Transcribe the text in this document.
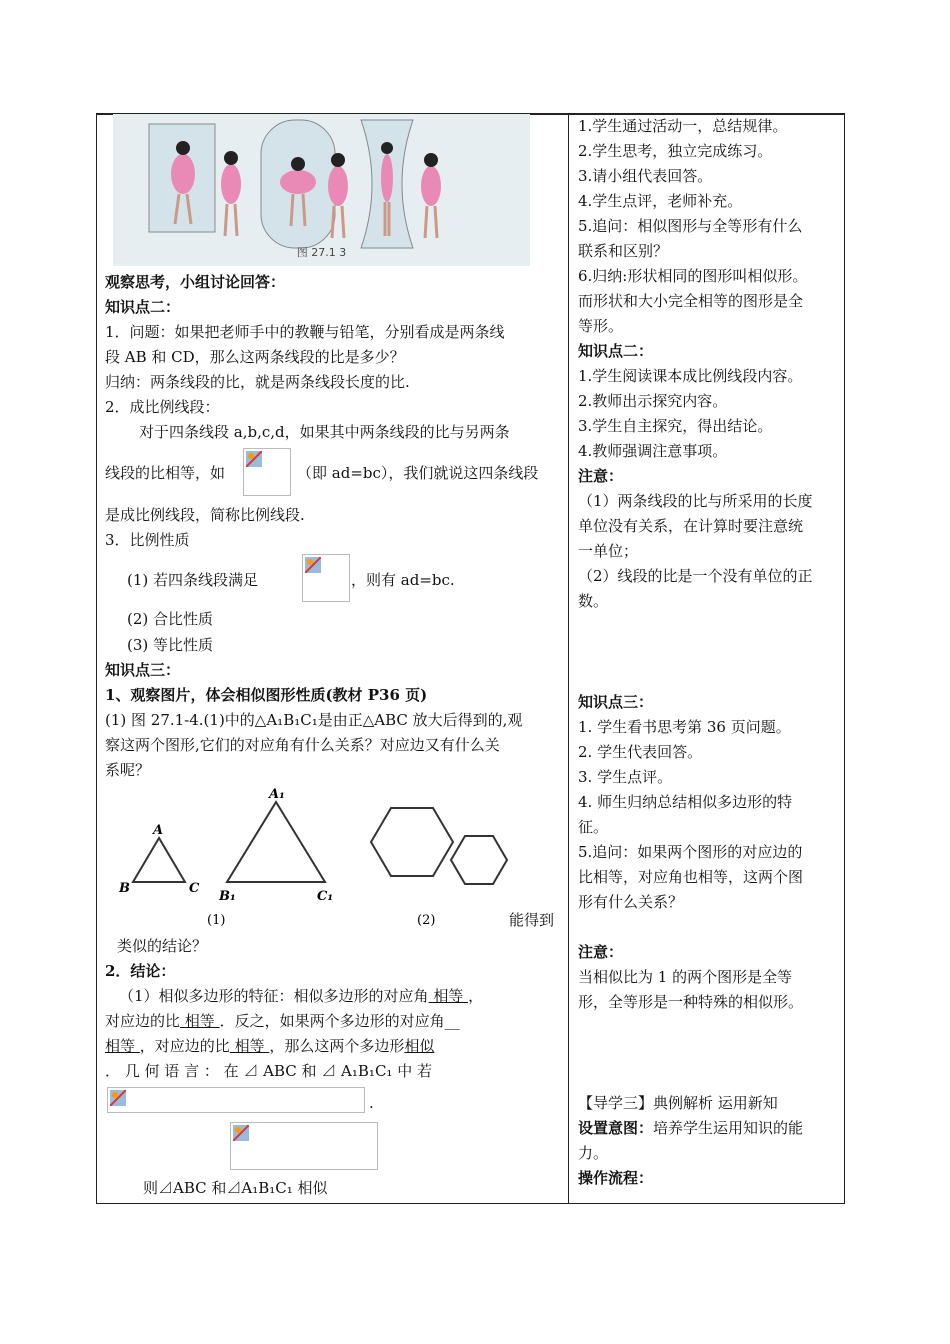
图 27.1 3
观察思考，小组讨论回答：
知识点二：
1．问题：如果把老师手中的教鞭与铅笔，分别看成是两条线
段 AB 和 CD，那么这两条线段的比是多少？
归纳：两条线段的比，就是两条线段长度的比.
2．成比例线段：
对于四条线段 a,b,c,d，如果其中两条线段的比与另两条
线段的比相等，如	（即 ad=bc），我们就说这四条线段
是成比例线段，简称比例线段.
3．比例性质
(1) 若四条线段满足	，则有 ad=bc.
(2) 合比性质
(3) 等比性质
知识点三：
1、观察图片，体会相似图形性质(教材 P36 页)
(1) 图 27.1-4.(1)中的△A₁B₁C₁是由正△ABC 放大后得到的,观
察这两个图形,它们的对应角有什么关系？对应边又有什么关
系呢？
A
B	C
A₁
B₁	C₁
(1)	(2)	能得到
类似的结论？
2．结论：
（1）相似多边形的特征：相似多边形的对应角 相等 ，
对应边的比 相等 ．反之，如果两个多边形的对应角__
相等 ，对应边的比 相等 ，那么这两个多边形相似
． 几 何 语 言 ： 在 ⊿ ABC 和 ⊿ A₁B₁C₁ 中 若
.
则⊿ABC 和⊿A₁B₁C₁ 相似
1.学生通过活动一，总结规律。
2.学生思考，独立完成练习。
3.请小组代表回答。
4.学生点评，老师补充。
5.追问：相似图形与全等形有什么
联系和区别？
6.归纳:形状相同的图形叫相似形。
而形状和大小完全相等的图形是全
等形。
知识点二：
1.学生阅读课本成比例线段内容。
2.教师出示探究内容。
3.学生自主探究，得出结论。
4.教师强调注意事项。
注意：
（1）两条线段的比与所采用的长度
单位没有关系，在计算时要注意统
一单位；
（2）线段的比是一个没有单位的正
数。
知识点三：
1. 学生看书思考第 36 页问题。
2. 学生代表回答。
3. 学生点评。
4. 师生归纳总结相似多边形的特
征。
5.追问：如果两个图形的对应边的
比相等，对应角也相等，这两个图
形有什么关系？
注意：
当相似比为 1 的两个图形是全等
形，全等形是一种特殊的相似形。
【导学三】典例解析 运用新知
设置意图：培养学生运用知识的能
力。
操作流程：
